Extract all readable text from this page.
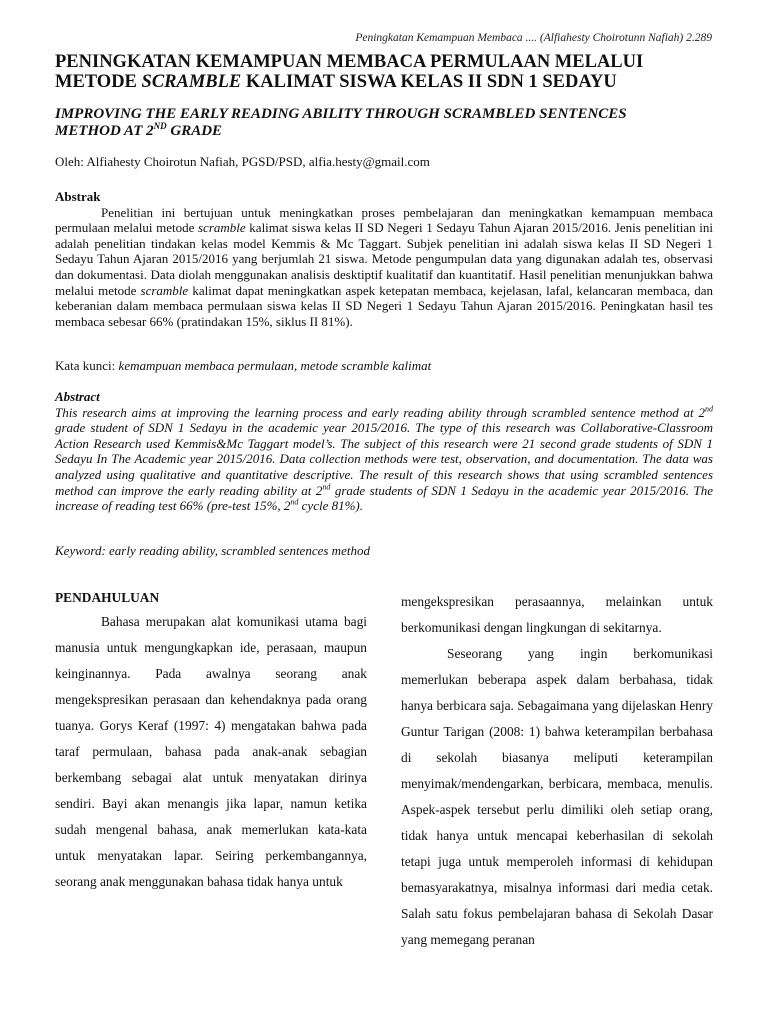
Peningkatan Kemampuan Membaca .... (Alfiahesty Choirotunn Nafiah) 2.289
PENINGKATAN KEMAMPUAN MEMBACA PERMULAAN MELALUI
METODE SCRAMBLE KALIMAT SISWA KELAS II SDN 1 SEDAYU
IMPROVING THE EARLY READING ABILITY THROUGH SCRAMBLED SENTENCES
METHOD AT 2ND GRADE
Oleh: Alfiahesty Choirotun Nafiah, PGSD/PSD, alfia.hesty@gmail.com
Abstrak

Penelitian ini bertujuan untuk meningkatkan proses pembelajaran dan meningkatkan kemampuan membaca permulaan melalui metode scramble kalimat siswa kelas II SD Negeri 1 Sedayu Tahun Ajaran 2015/2016. Jenis penelitian ini adalah penelitian tindakan kelas model Kemmis & Mc Taggart. Subjek penelitian ini adalah siswa kelas II SD Negeri 1 Sedayu Tahun Ajaran 2015/2016 yang berjumlah 21 siswa. Metode pengumpulan data yang digunakan adalah tes, observasi dan dokumentasi. Data diolah menggunakan analisis desktiptif kualitatif dan kuantitatif. Hasil penelitian menunjukkan bahwa melalui metode scramble kalimat dapat meningkatkan aspek ketepatan membaca, kejelasan, lafal, kelancaran membaca, dan keberanian dalam membaca permulaan siswa kelas II SD Negeri 1 Sedayu Tahun Ajaran 2015/2016. Peningkatan hasil tes membaca sebesar 66% (pratindakan 15%, siklus II 81%).

Kata kunci: kemampuan membaca permulaan, metode scramble kalimat
Abstract

This research aims at improving the learning process and early reading ability through scrambled sentence method at 2nd grade student of SDN 1 Sedayu in the academic year 2015/2016. The type of this research was Collaborative-Classroom Action Research used Kemmis&Mc Taggart model’s. The subject of this research were 21 second grade students of SDN 1 Sedayu In The Academic year 2015/2016. Data collection methods were test, observation, and documentation. The data was analyzed using qualitative and quantitative descriptive. The result of this research shows that using scrambled sentences method can improve the early reading ability at 2nd grade students of SDN 1 Sedayu in the academic year 2015/2016. The increase of reading test 66% (pre-test 15%, 2nd cycle 81%).

Keyword: early reading ability, scrambled sentences method
PENDAHULUAN

Bahasa merupakan alat komunikasi utama bagi manusia untuk mengungkapkan ide, perasaan, maupun keinginannya. Pada awalnya seorang anak mengekspresikan perasaan dan kehendaknya pada orang tuanya. Gorys Keraf (1997: 4) mengatakan bahwa pada taraf permulaan, bahasa pada anak-anak sebagian berkembang sebagai alat untuk menyatakan dirinya sendiri. Bayi akan menangis jika lapar, namun ketika sudah mengenal bahasa, anak memerlukan kata-kata untuk menyatakan lapar. Seiring perkembangannya, seorang anak menggunakan bahasa tidak hanya untuk

mengekspresikan perasaannya, melainkan untuk berkomunikasi dengan lingkungan di sekitarnya.

Seseorang yang ingin berkomunikasi memerlukan beberapa aspek dalam berbahasa, tidak hanya berbicara saja. Sebagaimana yang dijelaskan Henry Guntur Tarigan (2008: 1) bahwa keterampilan berbahasa di sekolah biasanya meliputi keterampilan menyimak/mendengarkan, berbicara, membaca, menulis. Aspek-aspek tersebut perlu dimiliki oleh setiap orang, tidak hanya untuk mencapai keberhasilan di sekolah tetapi juga untuk memperoleh informasi di kehidupan bemasyarakatnya, misalnya informasi dari media cetak. Salah satu fokus pembelajaran bahasa di Sekolah Dasar yang memegang peranan
